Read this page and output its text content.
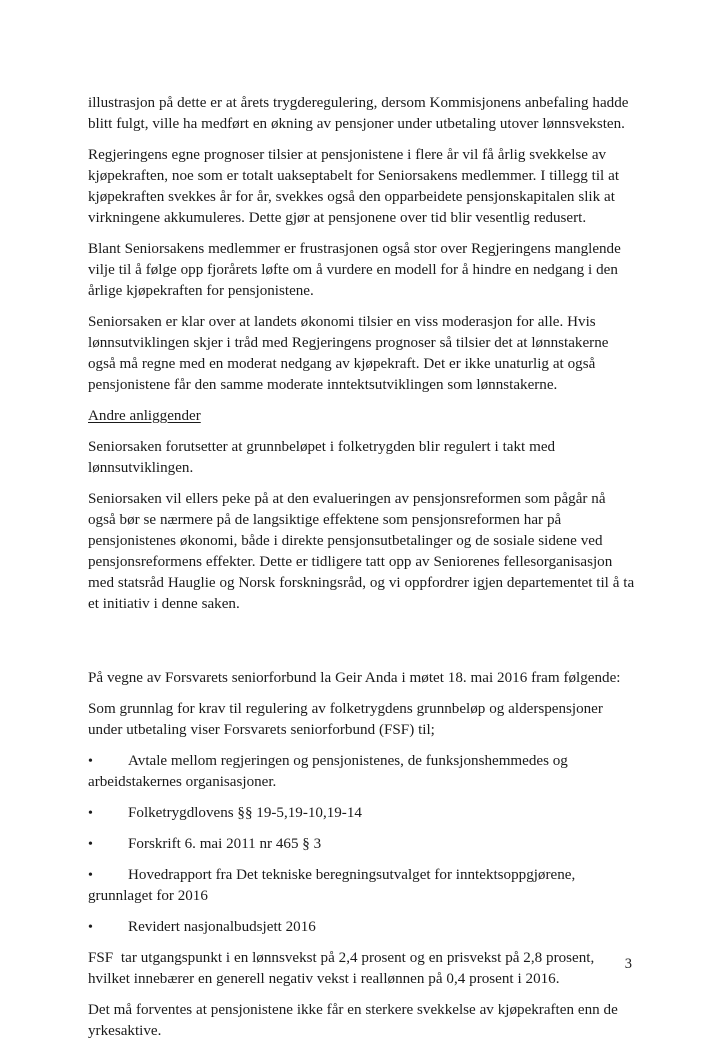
illustrasjon på dette er at årets trygderegulering, dersom Kommisjonens anbefaling hadde blitt fulgt, ville ha medført en økning av pensjoner under utbetaling utover lønnsveksten.

Regjeringens egne prognoser tilsier at pensjonistene i flere år vil få årlig svekkelse av kjøpekraften, noe som er totalt uakseptabelt for Seniorsakens medlemmer. I tillegg til at kjøpekraften svekkes år for år, svekkes også den opparbeidete pensjonskapitalen slik at virkningene akkumuleres. Dette gjør at pensjonene over tid blir vesentlig redusert.

Blant Seniorsakens medlemmer er frustrasjonen også stor over Regjeringens manglende vilje til å følge opp fjorårets løfte om å vurdere en modell for å hindre en nedgang i den årlige kjøpekraften for pensjonistene.

Seniorsaken er klar over at landets økonomi tilsier en viss moderasjon for alle. Hvis lønnsutviklingen skjer i tråd med Regjeringens prognoser så tilsier det at lønnstakerne også må regne med en moderat nedgang av kjøpekraft. Det er ikke unaturlig at også pensjonistene får den samme moderate inntektsutviklingen som lønnstakerne.

Andre anliggender

Seniorsaken forutsetter at grunnbeløpet i folketrygden blir regulert i takt med lønnsutviklingen.

Seniorsaken vil ellers peke på at den evalueringen av pensjonsreformen som pågår nå også bør se nærmere på de langsiktige effektene som pensjonsreformen har på pensjonistenes økonomi, både i direkte pensjonsutbetalinger og de sosiale sidene ved pensjonsreformens effekter. Dette er tidligere tatt opp av Seniorenes fellesorganisasjon med statsråd Hauglie og Norsk forskningsråd, og vi oppfordrer igjen departementet til å ta et initiativ i denne saken.

På vegne av Forsvarets seniorforbund la Geir Anda i møtet 18. mai 2016 fram følgende:

Som grunnlag for krav til regulering av folketrygdens grunnbeløp og alderspensjoner under utbetaling viser Forsvarets seniorforbund (FSF) til;

• Avtale mellom regjeringen og pensjonistenes, de funksjonshemmedes og arbeidstakernes organisasjoner.
• Folketrygdlovens §§ 19-5,19-10,19-14
• Forskrift 6. mai 2011 nr 465 § 3
• Hovedrapport fra Det tekniske beregningsutvalget for inntektsoppgjørene, grunnlaget for 2016
• Revidert nasjonalbudsjett 2016

FSF  tar utgangspunkt i en lønnsvekst på 2,4 prosent og en prisvekst på 2,8 prosent, hvilket innebærer en generell negativ vekst i reallønnen på 0,4 prosent i 2016.

Det må forventes at pensjonistene ikke får en sterkere svekkelse av kjøpekraften enn de yrkesaktive.

3
